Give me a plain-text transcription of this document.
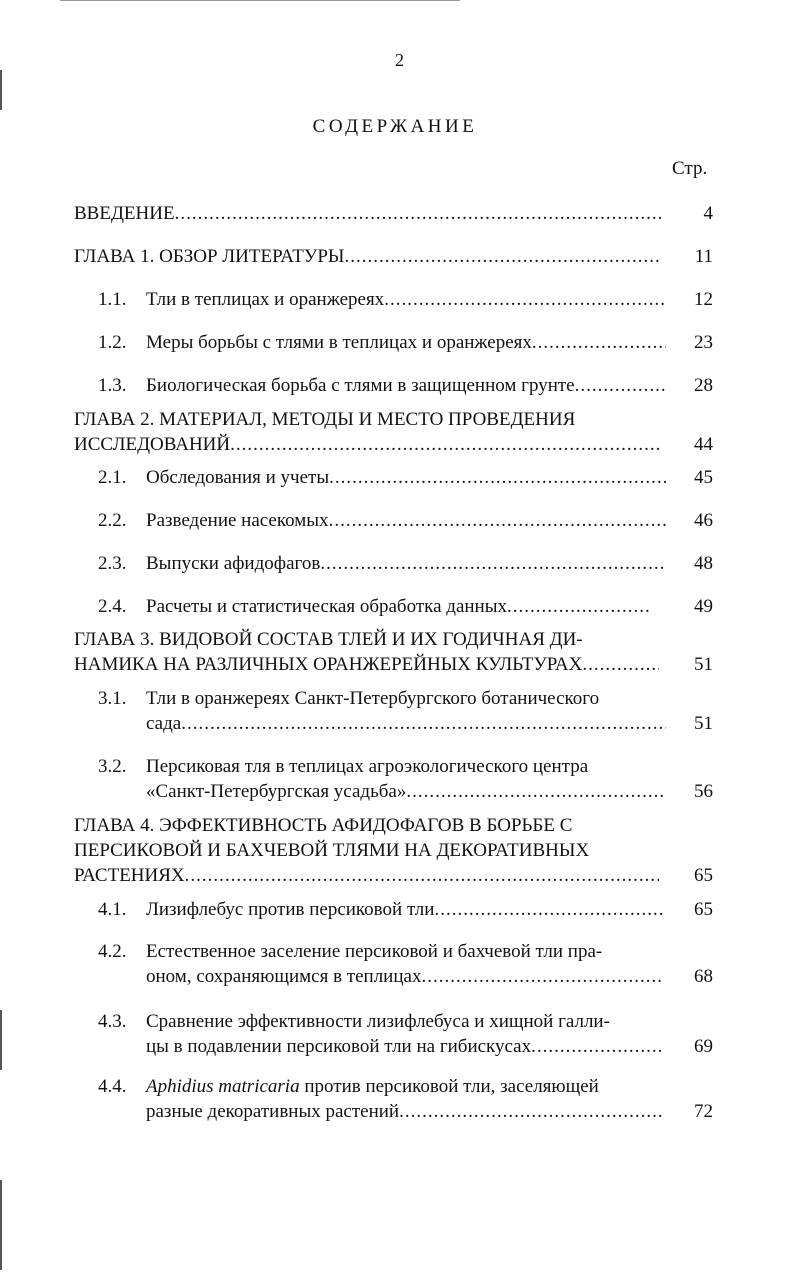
2
СОДЕРЖАНИЕ
Стр.
ВВЕДЕНИЕ .....	4
ГЛАВА 1. ОБЗОР ЛИТЕРАТУРЫ .....	11
1.1. Тли в теплицах и оранжереях .....	12
1.2. Меры борьбы с тлями в теплицах и оранжереях .....	23
1.3. Биологическая борьба с тлями в защищенном грунте .....	28
ГЛАВА 2. МАТЕРИАЛ, МЕТОДЫ И МЕСТО ПРОВЕДЕНИЯ
ИССЛЕДОВАНИЙ .....	44
2.1. Обследования и учеты .....	45
2.2. Разведение насекомых .....	46
2.3. Выпуски афидофагов .....	48
2.4. Расчеты и статистическая обработка данных .....	49
ГЛАВА 3. ВИДОВОЙ СОСТАВ ТЛЕЙ И ИХ ГОДИЧНАЯ ДИ-
НАМИКА НА РАЗЛИЧНЫХ ОРАНЖЕРЕЙНЫХ КУЛЬТУРАХ .....	51
3.1. Тли в оранжереях Санкт-Петербургского ботанического
сада .....	51
3.2. Персиковая тля в теплицах агроэкологического центра
«Санкт-Петербургская усадьба» .....	56
ГЛАВА 4. ЭФФЕКТИВНОСТЬ АФИДОФАГОВ В БОРЬБЕ С
ПЕРСИКОВОЙ И БАХЧЕВОЙ ТЛЯМИ НА ДЕКОРАТИВНЫХ
РАСТЕНИЯХ .....	65
4.1. Лизифлебус против персиковой тли .....	65
4.2. Естественное заселение персиковой и бахчевой тли пра-
оном, сохраняющимся в теплицах .....	68
4.3. Сравнение эффективности лизифлебуса и хищной галли-
цы в подавлении персиковой тли на гибискусах .....	69
4.4. Aphidius matricaria против персиковой тли, заселяющей
разные декоративных растений .....	72
